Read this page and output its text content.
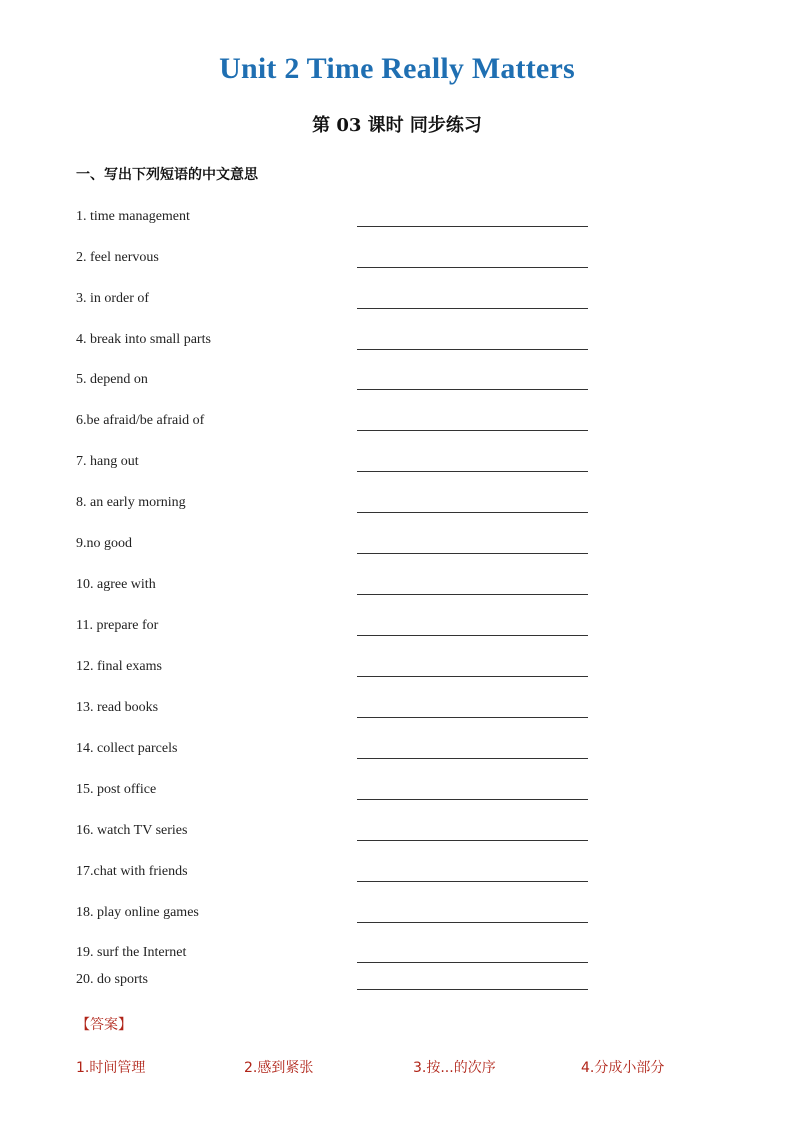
Unit 2 Time Really Matters
第 03 课时 同步练习
一、写出下列短语的中文意思
1. time management
2. feel nervous
3. in order of
4. break into small parts
5. depend on
6.be afraid/be afraid of
7. hang out
8. an early morning
9.no good
10. agree with
11. prepare for
12. final exams
13. read books
14. collect parcels
15. post office
16. watch TV series
17.chat with friends
18. play online games
19. surf the Internet
20. do sports
【答案】
1.时间管理	2.感到紧张	3.按...的次序	4.分成小部分
